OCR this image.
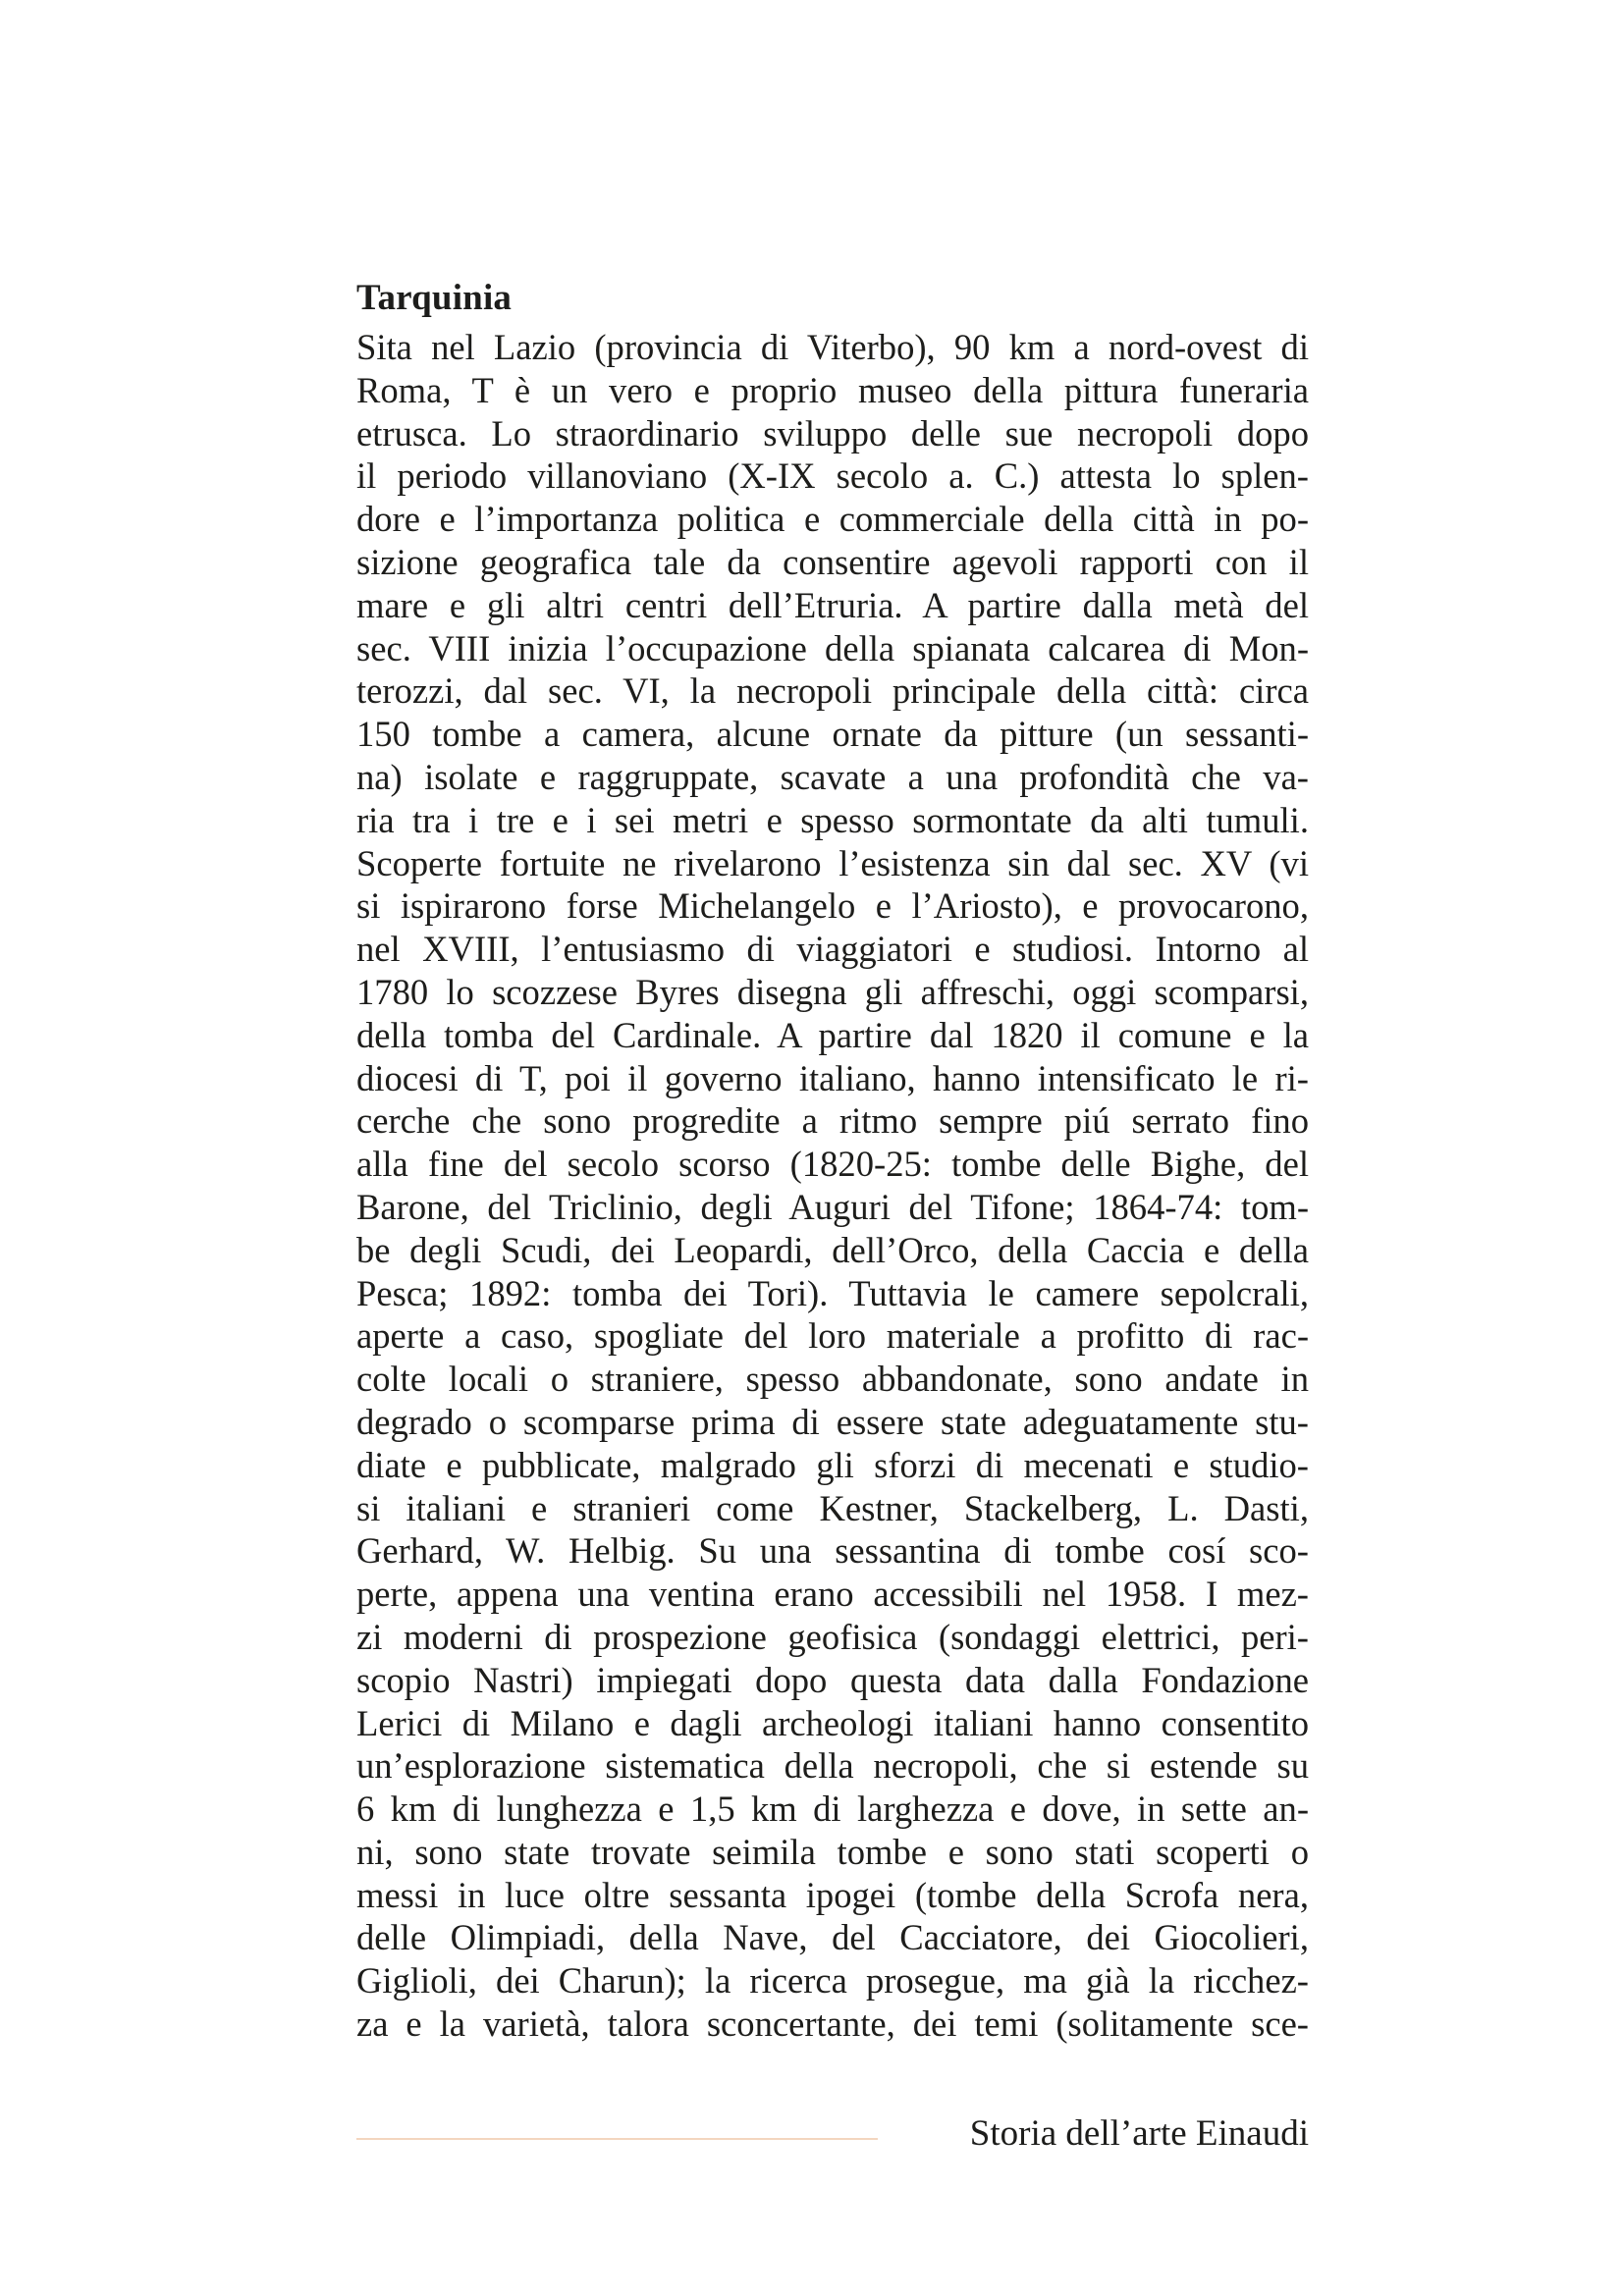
Tarquinia
Sita nel Lazio (provincia di Viterbo), 90 km a nord-ovest di
Roma, T è un vero e proprio museo della pittura funeraria
etrusca. Lo straordinario sviluppo delle sue necropoli dopo
il periodo villanoviano (X-IX secolo a. C.) attesta lo splen-
dore e l’importanza politica e commerciale della città in po-
sizione geografica tale da consentire agevoli rapporti con il
mare e gli altri centri dell’Etruria. A partire dalla metà del
sec. VIII inizia l’occupazione della spianata calcarea di Mon-
terozzi, dal sec. VI, la necropoli principale della città: circa
150 tombe a camera, alcune ornate da pitture (un sessanti-
na) isolate e raggruppate, scavate a una profondità che va-
ria tra i tre e i sei metri e spesso sormontate da alti tumuli.
Scoperte fortuite ne rivelarono l’esistenza sin dal sec. XV (vi
si ispirarono forse Michelangelo e l’Ariosto), e provocarono,
nel XVIII, l’entusiasmo di viaggiatori e studiosi. Intorno al
1780 lo scozzese Byres disegna gli affreschi, oggi scomparsi,
della tomba del Cardinale. A partire dal 1820 il comune e la
diocesi di T, poi il governo italiano, hanno intensificato le ri-
cerche che sono progredite a ritmo sempre piú serrato fino
alla fine del secolo scorso (1820-25: tombe delle Bighe, del
Barone, del Triclinio, degli Auguri del Tifone; 1864-74: tom-
be degli Scudi, dei Leopardi, dell’Orco, della Caccia e della
Pesca; 1892: tomba dei Tori). Tuttavia le camere sepolcrali,
aperte a caso, spogliate del loro materiale a profitto di rac-
colte locali o straniere, spesso abbandonate, sono andate in
degrado o scomparse prima di essere state adeguatamente stu-
diate e pubblicate, malgrado gli sforzi di mecenati e studio-
si italiani e stranieri come Kestner, Stackelberg, L. Dasti,
Gerhard, W. Helbig. Su una sessantina di tombe cosí sco-
perte, appena una ventina erano accessibili nel 1958. I mez-
zi moderni di prospezione geofisica (sondaggi elettrici, peri-
scopio Nastri) impiegati dopo questa data dalla Fondazione
Lerici di Milano e dagli archeologi italiani hanno consentito
un’esplorazione sistematica della necropoli, che si estende su
6 km di lunghezza e 1,5 km di larghezza e dove, in sette an-
ni, sono state trovate seimila tombe e sono stati scoperti o
messi in luce oltre sessanta ipogei (tombe della Scrofa nera,
delle Olimpiadi, della Nave, del Cacciatore, dei Giocolieri,
Giglioli, dei Charun); la ricerca prosegue, ma già la ricchez-
za e la varietà, talora sconcertante, dei temi (solitamente sce-
Storia dell’arte Einaudi
